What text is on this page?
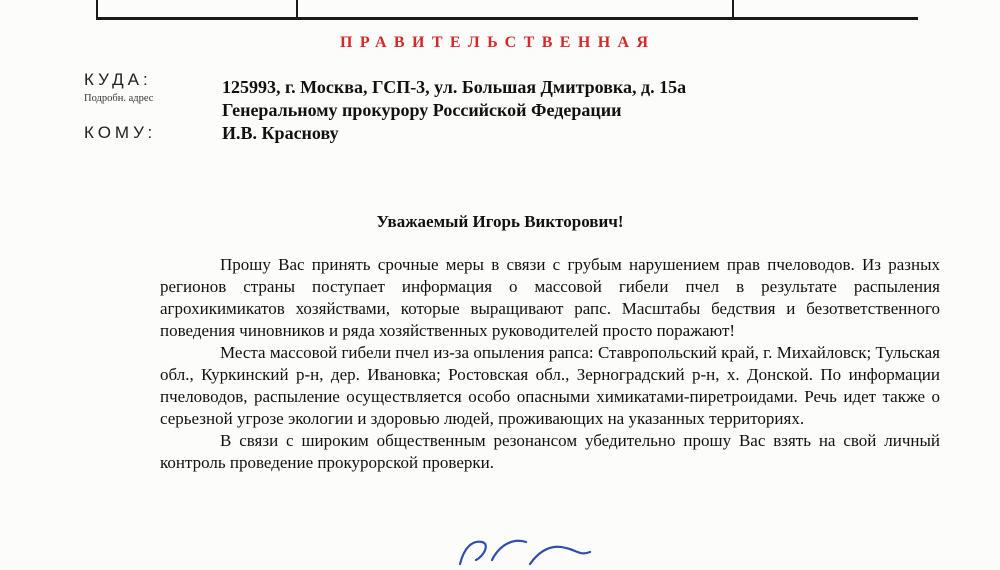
ПРАВИТЕЛЬСТВЕННАЯ
КУДА:
Подробн. адрес
125993, г. Москва, ГСП-3, ул. Большая Дмитровка, д. 15а
Генеральному прокурору Российской Федерации
КОМУ:	И.В. Краснову
Уважаемый Игорь Викторович!

Прошу Вас принять срочные меры в связи с грубым нарушением прав пчеловодов. Из разных регионов страны поступает информация о массовой гибели пчел в результате распыления агрохикимикатов хозяйствами, которые выращивают рапс. Масштабы бедствия и безответственного поведения чиновников и ряда хозяйственных руководителей просто поражают!

Места массовой гибели пчел из-за опыления рапса: Ставропольский край, г. Михайловск; Тульская обл., Куркинский р-н, дер. Ивановка; Ростовская обл., Зерноградский р-н, х. Донской. По информации пчеловодов, распыление осуществляется особо опасными химикатами-пиретроидами. Речь идет также о серьезной угрозе экологии и здоровью людей, проживающих на указанных территориях.

В связи с широким общественным резонансом убедительно прошу Вас взять на свой личный контроль проведение прокурорской проверки.
